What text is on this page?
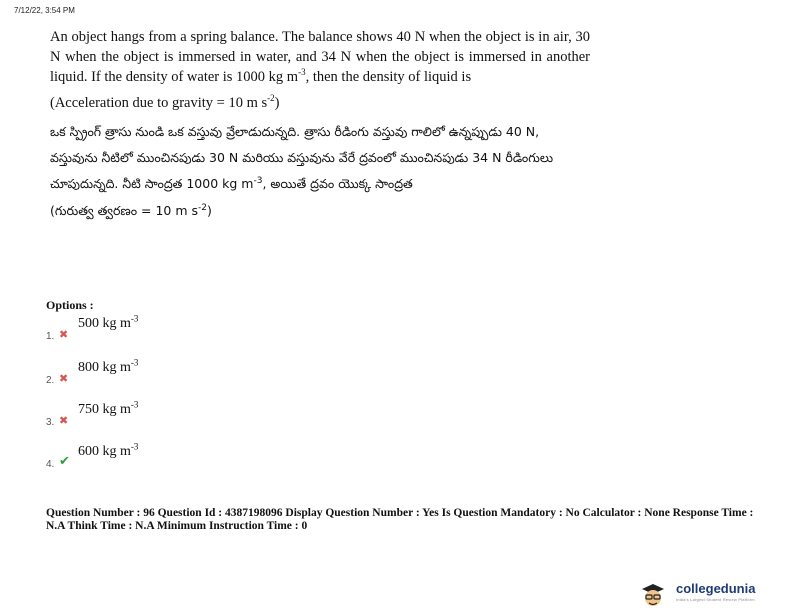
7/12/22, 3:54 PM

An object hangs from a spring balance. The balance shows 40 N when the object is in air, 30 N when the object is immersed in water, and 34 N when the object is immersed in another liquid. If the density of water is 1000 kg $m^{-3}$, then the density of liquid is

(Acceleration due to gravity = 10 m $s^{-2}$)

ఒక స్ప్రింగ్ త్రాసు నుండి ఒక వస్తువు వ్రేలాడుదున్నది. త్రాసు రీడింగు వస్తువు గాలిలో ఉన్నప్పుడు 40 N, వస్తువును నీటిలో ముంచినపుడు 30 N మరియు వస్తువును వేరే ద్రవంలో ముంచినపుడు 34 N రీడింగులు చూపుదున్నది. నీటి సాంద్రత 1000 kg $m^{-3}$, అయితే ద్రవం యొక్క సాంద్రత

(గురుత్వ త్వరణం = 10 m $s^{-2}$)

Options :
1. ✖
500 kg $m^{-3}$
2. ✖
800 kg $m^{-3}$
3. ✖
750 kg $m^{-3}$
4. ✔
600 kg $m^{-3}$
Question Number : 96 Question Id : 4387198096 Display Question Number : Yes Is Question Mandatory : No Calculator : None Response Time : N.A Think Time : N.A Minimum Instruction Time : 0
collegedunia
India's Largest Student Review Platform
